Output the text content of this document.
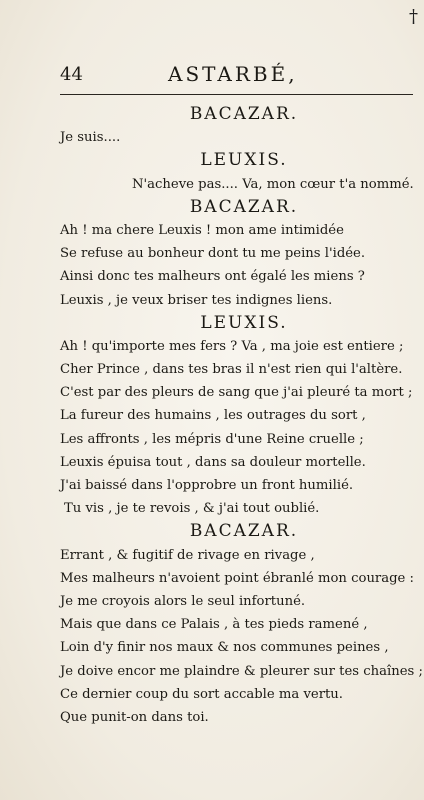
†
44	ASTARBÉ,
BACAZAR.
Je suis....
LEUXIS.
N'acheve pas.... Va, mon cœur t'a nommé.
BACAZAR.
Ah ! ma chere Leuxis ! mon ame intimidée
Se refuse au bonheur dont tu me peins l'idée.
Ainsi donc tes malheurs ont égalé les miens ?
Leuxis , je veux briser tes indignes liens.
LEUXIS.
Ah ! qu'importe mes fers ? Va , ma joie est entiere ;
Cher Prince , dans tes bras il n'est rien qui l'altère.
C'est par des pleurs de sang que j'ai pleuré ta mort ;
La fureur des humains , les outrages du sort ,
Les affronts , les mépris d'une Reine cruelle ;
Leuxis épuisa tout , dans sa douleur mortelle.
J'ai baissé dans l'opprobre un front humilié.
Tu vis , je te revois , & j'ai tout oublié.
BACAZAR.
Errant , & fugitif de rivage en rivage ,
Mes malheurs n'avoient point ébranlé mon courage :
Je me croyois alors le seul infortuné.
Mais que dans ce Palais , à tes pieds ramené ,
Loin d'y finir nos maux & nos communes peines ,
Je doive encor me plaindre & pleurer sur tes chaînes ;
Ce dernier coup du sort accable ma vertu.
Que punit-on dans toi.
